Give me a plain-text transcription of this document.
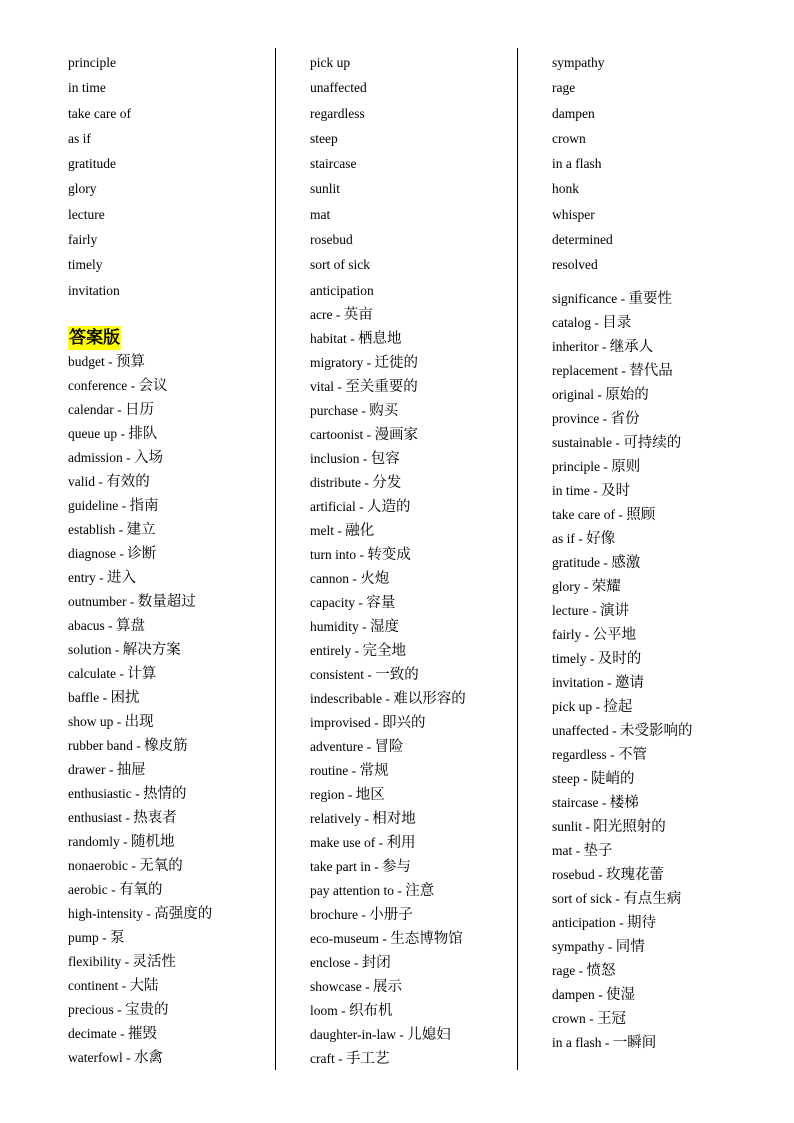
principle
in time
take care of
as if
gratitude
glory
lecture
fairly
timely
invitation
答案版
budget - 预算
conference - 会议
calendar - 日历
queue up - 排队
admission - 入场
valid - 有效的
guideline - 指南
establish - 建立
diagnose - 诊断
entry - 进入
outnumber - 数量超过
abacus - 算盘
solution - 解决方案
calculate - 计算
baffle - 困扰
show up - 出现
rubber band - 橡皮筋
drawer - 抽屉
enthusiastic - 热情的
enthusiast - 热衷者
randomly - 随机地
nonaerobic - 无氧的
aerobic - 有氧的
high-intensity - 高强度的
pump - 泵
flexibility - 灵活性
continent - 大陆
precious - 宝贵的
decimate - 摧毁
waterfowl - 水禽
pick up
unaffected
regardless
steep
staircase
sunlit
mat
rosebud
sort of sick
anticipation
acre - 英亩
habitat - 栖息地
migratory - 迁徙的
vital - 至关重要的
purchase - 购买
cartoonist - 漫画家
inclusion - 包容
distribute - 分发
artificial - 人造的
melt - 融化
turn into - 转变成
cannon - 火炮
capacity - 容量
humidity - 湿度
entirely - 完全地
consistent - 一致的
indescribable - 难以形容的
improvised - 即兴的
adventure - 冒险
routine - 常规
region - 地区
relatively - 相对地
make use of - 利用
take part in - 参与
pay attention to - 注意
brochure - 小册子
eco-museum - 生态博物馆
enclose - 封闭
showcase - 展示
loom - 织布机
daughter-in-law - 儿媳妇
craft - 手工艺
sympathy
rage
dampen
crown
in a flash
honk
whisper
determined
resolved
significance - 重要性
catalog - 目录
inheritor - 继承人
replacement - 替代品
original - 原始的
province - 省份
sustainable - 可持续的
principle - 原则
in time - 及时
take care of - 照顾
as if - 好像
gratitude - 感激
glory - 荣耀
lecture - 演讲
fairly - 公平地
timely - 及时的
invitation - 邀请
pick up - 捡起
unaffected - 未受影响的
regardless - 不管
steep - 陡峭的
staircase - 楼梯
sunlit - 阳光照射的
mat - 垫子
rosebud - 玫瑰花蕾
sort of sick - 有点生病
anticipation - 期待
sympathy - 同情
rage - 愤怒
dampen - 使湿
crown - 王冠
in a flash - 一瞬间
